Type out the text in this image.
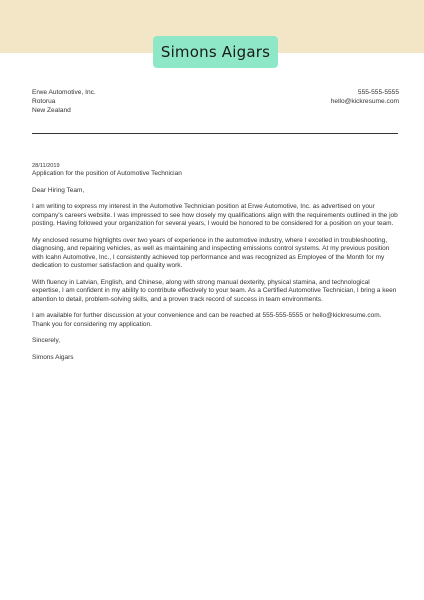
Simons Aigars
Erwe Automotive, Inc.
Rotorua
New Zealand
555-555-5555
hello@kickresume.com
28/11/2019
Application for the position of Automotive Technician

Dear Hiring Team,

I am writing to express my interest in the Automotive Technician position at Erwe Automotive, Inc. as advertised on your company's careers website. I was impressed to see how closely my qualifications align with the requirements outlined in the job posting. Having followed your organization for several years, I would be honored to be considered for a position on your team.

My enclosed resume highlights over two years of experience in the automotive industry, where I excelled in troubleshooting, diagnosing, and repairing vehicles, as well as maintaining and inspecting emissions control systems. At my previous position with Icahn Automotive, Inc., I consistently achieved top performance and was recognized as Employee of the Month for my dedication to customer satisfaction and quality work.

With fluency in Latvian, English, and Chinese, along with strong manual dexterity, physical stamina, and technological expertise, I am confident in my ability to contribute effectively to your team. As a Certified Automotive Technician, I bring a keen attention to detail, problem-solving skills, and a proven track record of success in team environments.

I am available for further discussion at your convenience and can be reached at 555-555-5555 or hello@kickresume.com. Thank you for considering my application.

Sincerely,

Simons Aigars
